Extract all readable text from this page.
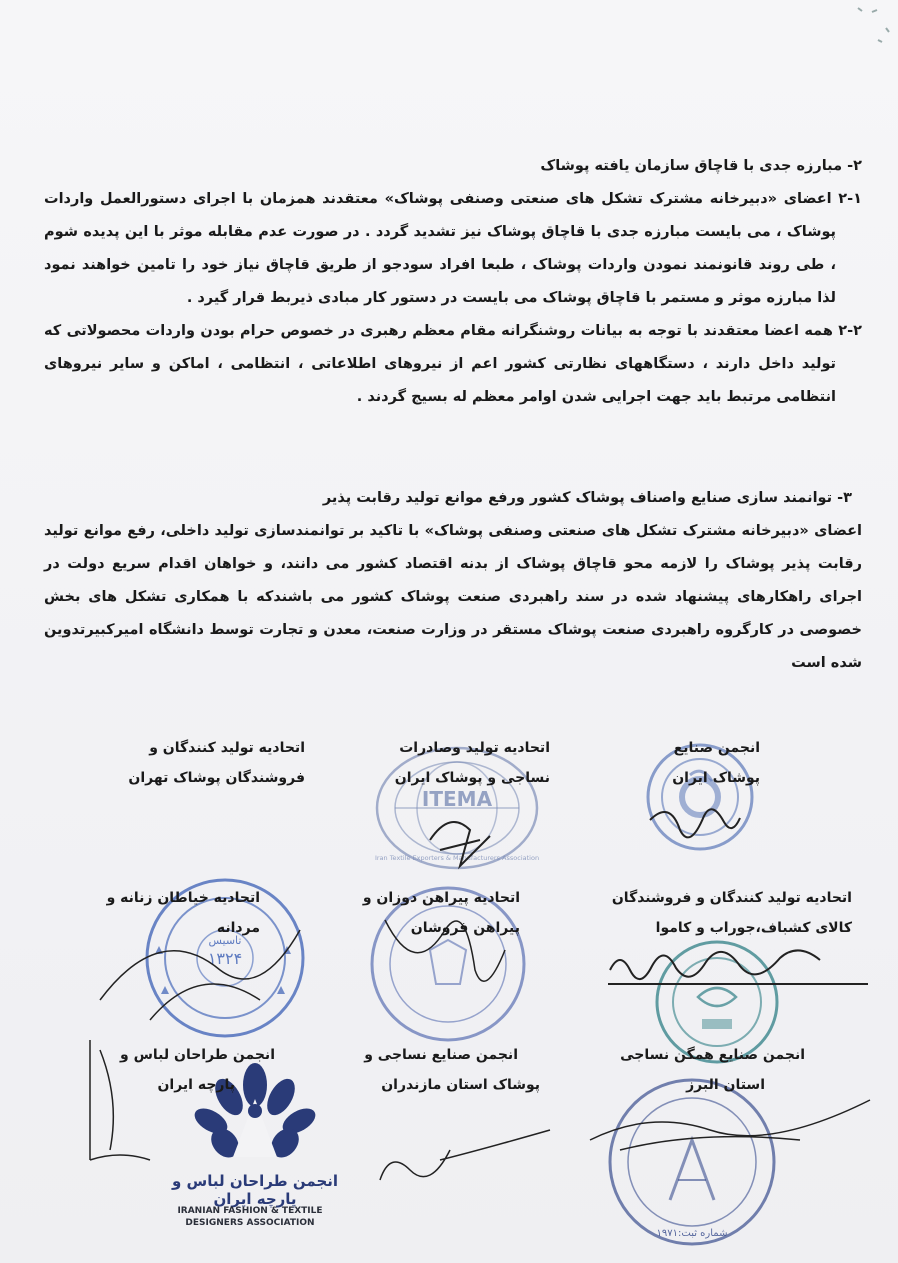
۲- مبارزه جدی با قاچاق سازمان یافته پوشاک

۲-۱ اعضای «دبیرخانه مشترک تشکل های صنعتی وصنفی پوشاک» معتقدند همزمان با اجرای دستورالعمل واردات پوشاک ، می بایست مبارزه جدی با قاچاق پوشاک نیز تشدید گردد . در صورت عدم مقابله موثر با این پدیده شوم ، طی روند قانونمند نمودن واردات پوشاک ، طبعا افراد سودجو از طریق قاچاق نیاز خود را تامین خواهند نمود لذا مبارزه موثر و مستمر با قاچاق پوشاک می بایست در دستور کار مبادی ذیربط قرار گیرد .

۲-۲ همه اعضا معتقدند با توجه به بیانات روشنگرانه مقام معظم رهبری در خصوص حرام بودن واردات محصولاتی که تولید داخل دارند ، دستگاههای نظارتی کشور اعم از نیروهای اطلاعاتی ، انتظامی ، اماکن و سایر نیروهای انتظامی مرتبط باید جهت اجرایی شدن اوامر معظم له بسیج گردند .

۳- توانمند سازی صنایع واصناف پوشاک کشور ورفع موانع تولید رقابت پذیر

اعضای «دبیرخانه مشترک تشکل های صنعتی وصنفی پوشاک» با تاکید بر توانمندسازی تولید داخلی، رفع موانع تولید رقابت پذیر پوشاک را لازمه محو قاچاق پوشاک از بدنه اقتصاد کشور می دانند، و خواهان اقدام سریع دولت در اجرای راهکارهای پیشنهاد شده در سند راهبردی صنعت پوشاک کشور می باشندکه با همکاری تشکل های بخش خصوصی در کارگروه راهبردی صنعت پوشاک مستقر در وزارت صنعت، معدن و تجارت توسط دانشگاه امیرکبیرتدوین شده است

ITEMA
Iran Textile Exporters & Manufacturers Association
۱۳۲۴
تاسیس
شماره ثبت:۱۹۷۱
انجمن طراحان لباس و پارچه ایران
IRANIAN FASHION & TEXTILE
DESIGNERS ASSOCIATION
انجمن صنایع
پوشاک ایران
اتحادیه تولید وصادرات
نساجی و پوشاک ایران
اتحادیه تولید کنندگان و
فروشندگان پوشاک تهران
اتحادیه تولید کنندگان و فروشندگان
کالای کشباف،جوراب و کاموا
اتحادیه پیراهن دوزان و
پیراهن فروشان
اتحادیه خیاطان زنانه و
مردانه
انجمن صنایع همگن نساجی
استان البرز
انجمن صنایع نساجی و
پوشاک استان مازندران
انجمن طراحان لباس و
پارچه ایران
